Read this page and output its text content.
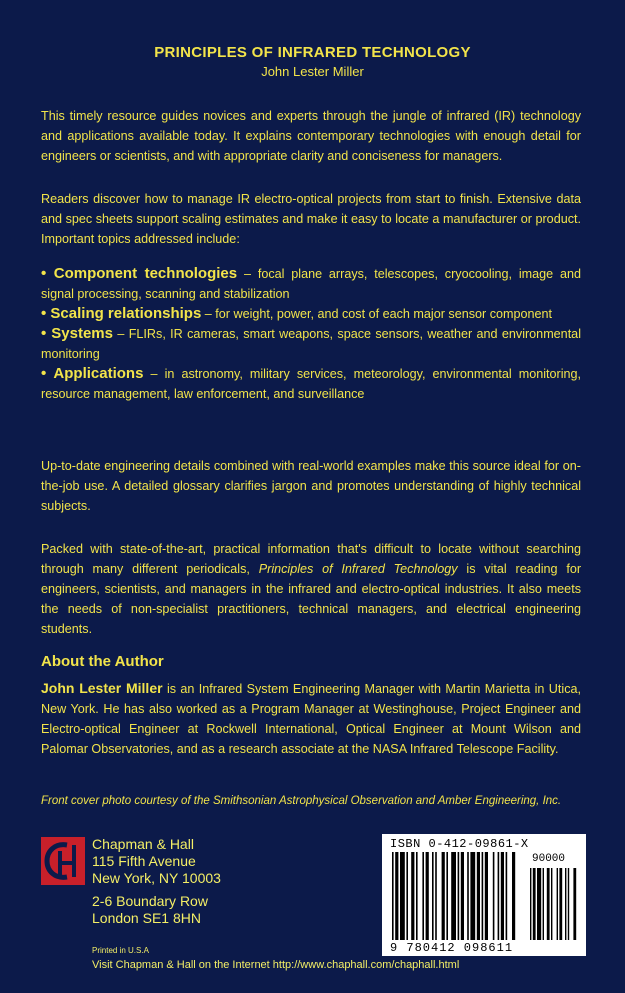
PRINCIPLES OF INFRARED TECHNOLOGY
John Lester Miller
This timely resource guides novices and experts through the jungle of infrared (IR) technology and applications available today. It explains contemporary technologies with enough detail for engineers or scientists, and with appropriate clarity and conciseness for managers.
Readers discover how to manage IR electro-optical projects from start to finish. Extensive data and spec sheets support scaling estimates and make it easy to locate a manufacturer or product. Important topics addressed include:
• Component technologies – focal plane arrays, telescopes, cryocooling, image and signal processing, scanning and stabilization
• Scaling relationships – for weight, power, and cost of each major sensor component
• Systems – FLIRs, IR cameras, smart weapons, space sensors, weather and environmental monitoring
• Applications – in astronomy, military services, meteorology, environmental monitoring, resource management, law enforcement, and surveillance
Up-to-date engineering details combined with real-world examples make this source ideal for on-the-job use. A detailed glossary clarifies jargon and promotes understanding of highly technical subjects.
Packed with state-of-the-art, practical information that's difficult to locate without searching through many different periodicals, Principles of Infrared Technology is vital reading for engineers, scientists, and managers in the infrared and electro-optical industries. It also meets the needs of non-specialist practitioners, technical managers, and electrical engineering students.
About the Author
John Lester Miller is an Infrared System Engineering Manager with Martin Marietta in Utica, New York. He has also worked as a Program Manager at Westinghouse, Project Engineer and Electro-optical Engineer at Rockwell International, Optical Engineer at Mount Wilson and Palomar Observatories, and as a research associate at the NASA Infrared Telescope Facility.
Front cover photo courtesy of the Smithsonian Astrophysical Observation and Amber Engineering, Inc.
Chapman & Hall
115 Fifth Avenue
New York, NY 10003
2-6 Boundary Row
London SE1 8HN
Printed in U.S.A
Visit Chapman & Hall on the Internet http://www.chaphall.com/chaphall.html
ISBN 0-412-09861-X
90000
9 780412 098611
